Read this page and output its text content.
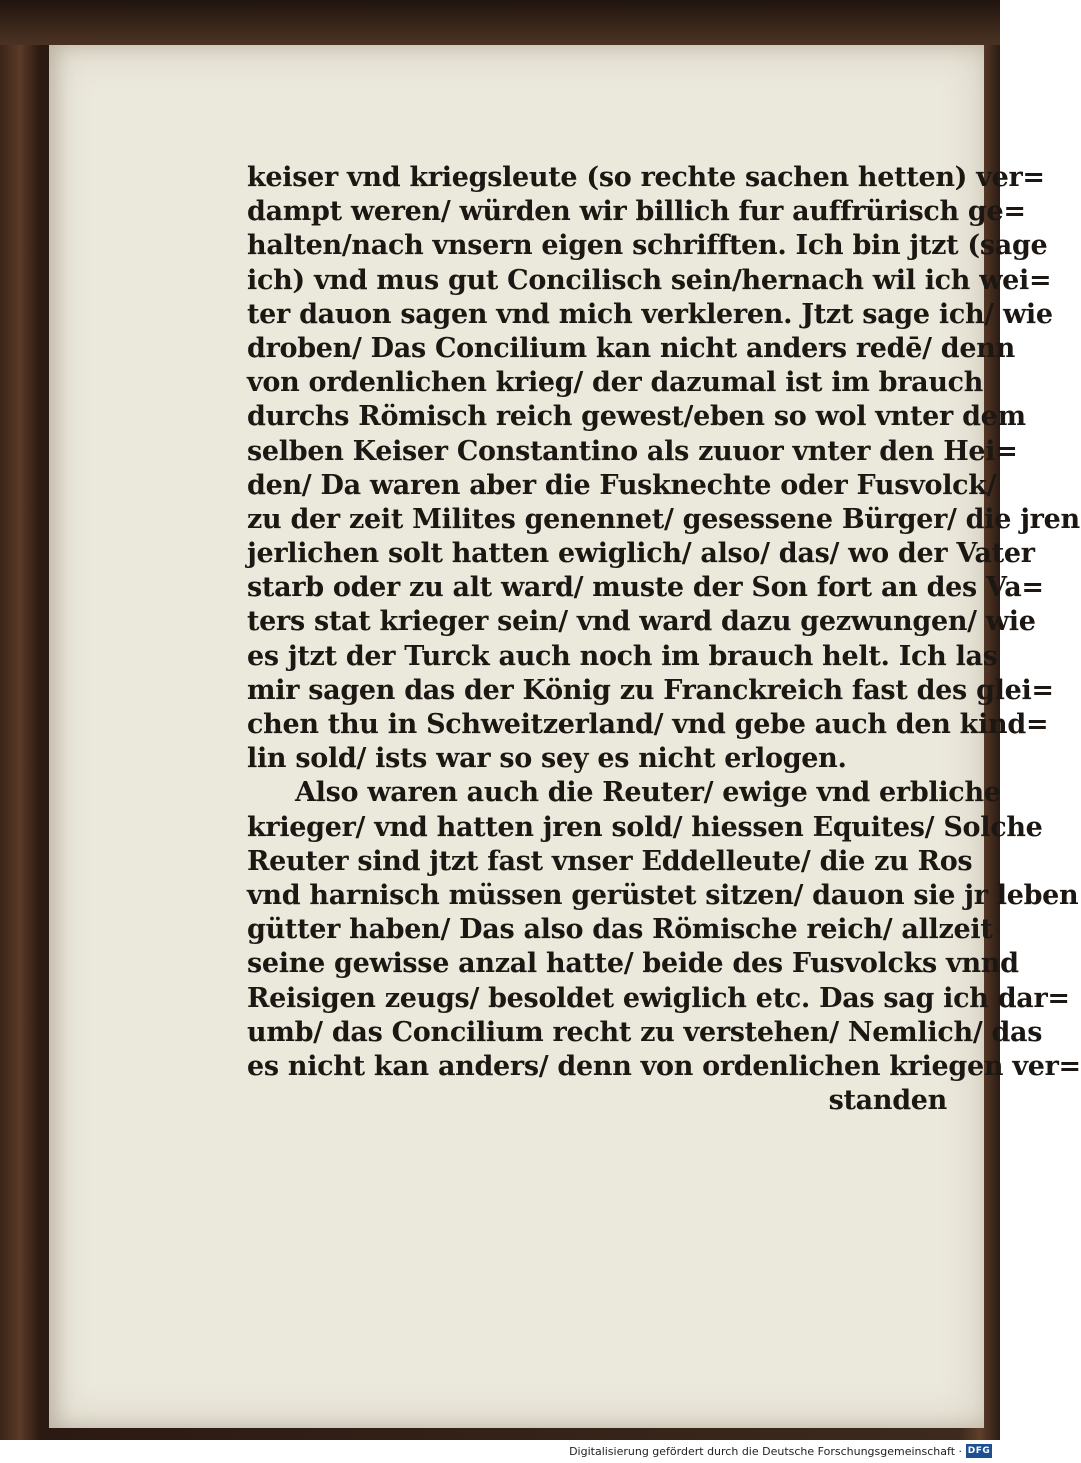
keiser vnd kriegsleute (so rechte sachen hetten) ver=
dampt weren/ würden wir billich fur auffrürisch ge=
halten/nach vnsern eigen schrifften. Ich bin jtzt (sage
ich) vnd mus gut Concilisch sein/hernach wil ich wei=
ter dauon sagen vnd mich verkleren. Jtzt sage ich/ wie
droben/ Das Concilium kan nicht anders redē/ denn
von ordenlichen krieg/ der dazumal ist im brauch
durchs Römisch reich gewest/eben so wol vnter dem
selben Keiser Constantino als zuuor vnter den Hei=
den/ Da waren aber die Fusknechte oder Fusvolck/
zu der zeit Milites genennet/ gesessene Bürger/ die jren
jerlichen solt hatten ewiglich/ also/ das/ wo der Vater
starb oder zu alt ward/ muste der Son fort an des Va=
ters stat krieger sein/ vnd ward dazu gezwungen/ wie
es jtzt der Turck auch noch im brauch helt. Ich las
mir sagen das der König zu Franckreich fast des glei=
chen thu in Schweitzerland/ vnd gebe auch den kind=
lin sold/ ists war so sey es nicht erlogen.
Also waren auch die Reuter/ ewige vnd erbliche
krieger/ vnd hatten jren sold/ hiessen Equites/ Solche
Reuter sind jtzt fast vnser Eddelleute/ die zu Ros
vnd harnisch müssen gerüstet sitzen/ dauon sie jr leben
gütter haben/ Das also das Römische reich/ allzeit
seine gewisse anzal hatte/ beide des Fusvolcks vnnd
Reisigen zeugs/ besoldet ewiglich etc. Das sag ich dar=
umb/ das Concilium recht zu verstehen/ Nemlich/ das
es nicht kan anders/ denn von ordenlichen kriegen ver=
standen
Digitalisierung gefördert durch die Deutsche Forschungsgemeinschaft · DFG
